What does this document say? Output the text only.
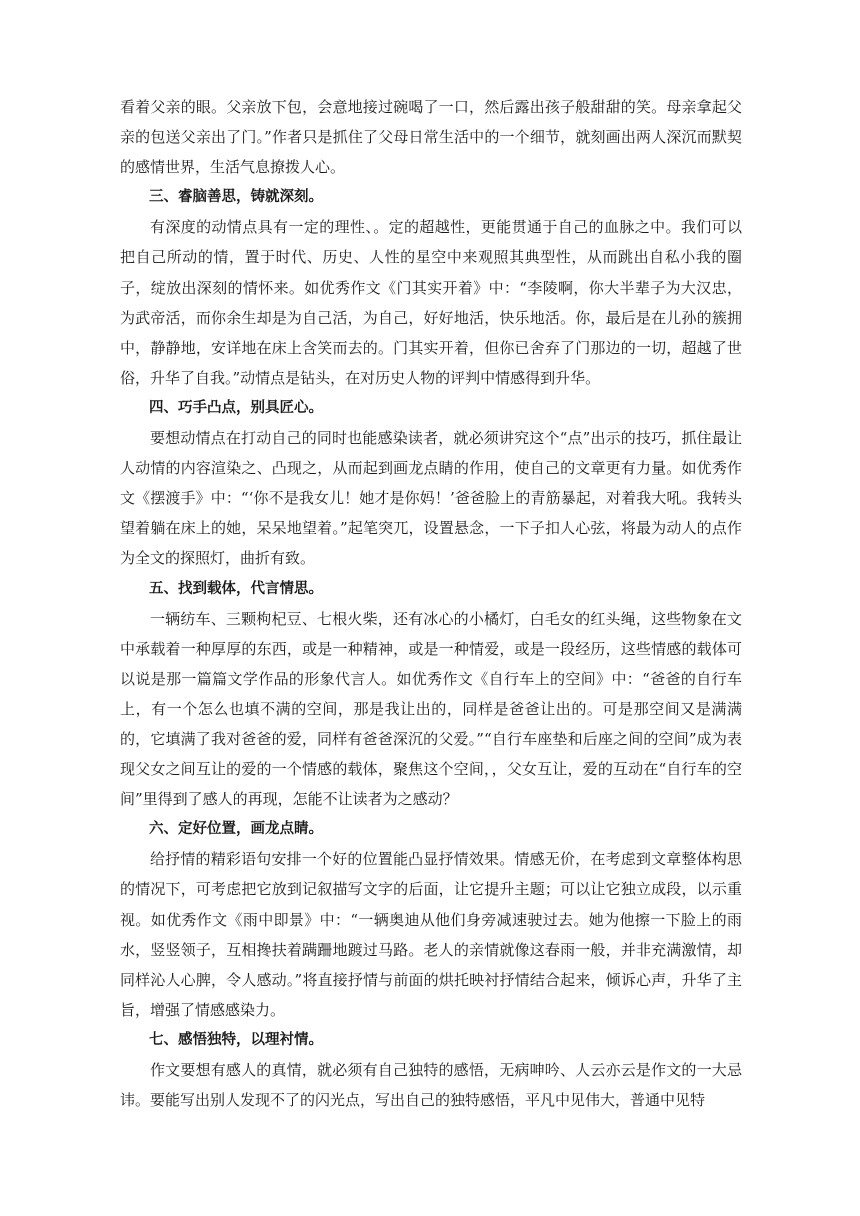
看着父亲的眼。父亲放下包，会意地接过碗喝了一口，然后露出孩子般甜甜的笑。母亲拿起父亲的包送父亲出了门。”作者只是抓住了父母日常生活中的一个细节，就刻画出两人深沉而默契的感情世界，生活气息撩拨人心。

三、睿脑善思，铸就深刻。

有深度的动情点具有一定的理性、。定的超越性，更能贯通于自己的血脉之中。我们可以把自己所动的情，置于时代、历史、人性的星空中来观照其典型性，从而跳出自私小我的圈子，绽放出深刻的情怀来。如优秀作文《门其实开着》中：“李陵啊，你大半辈子为大汉忠，为武帝活，而你余生却是为自己活，为自己，好好地活，快乐地活。你，最后是在儿孙的簇拥中，静静地，安详地在床上含笑而去的。门其实开着，但你已舍弃了门那边的一切，超越了世俗，升华了自我。”动情点是钻头，在对历史人物的评判中情感得到升华。

四、巧手凸点，别具匠心。

要想动情点在打动自己的同时也能感染读者，就必须讲究这个“点”出示的技巧，抓住最让人动情的内容渲染之、凸现之，从而起到画龙点睛的作用，使自己的文章更有力量。如优秀作文《摆渡手》中：“‘你不是我女儿！她才是你妈！’爸爸脸上的青筋暴起，对着我大吼。我转头望着躺在床上的她，呆呆地望着。”起笔突兀，设置悬念，一下子扣人心弦，将最为动人的点作为全文的探照灯，曲折有致。

五、找到载体，代言情思。

一辆纺车、三颗枸杞豆、七根火柴，还有冰心的小橘灯，白毛女的红头绳，这些物象在文中承载着一种厚厚的东西，或是一种精神，或是一种情爱，或是一段经历，这些情感的载体可以说是那一篇篇文学作品的形象代言人。如优秀作文《自行车上的空间》中：“爸爸的自行车上，有一个怎么也填不满的空间，那是我让出的，同样是爸爸让出的。可是那空间又是满满的，它填满了我对爸爸的爱，同样有爸爸深沉的父爱。”“自行车座垫和后座之间的空间”成为表现父女之间互让的爱的一个情感的载体，聚焦这个空间，，父女互让，爱的互动在“自行车的空间”里得到了感人的再现，怎能不让读者为之感动？

六、定好位置，画龙点睛。

给抒情的精彩语句安排一个好的位置能凸显抒情效果。情感无价，在考虑到文章整体构思的情况下，可考虑把它放到记叙描写文字的后面，让它提升主题；可以让它独立成段，以示重视。如优秀作文《雨中即景》中：“一辆奥迪从他们身旁减速驶过去。她为他擦一下脸上的雨水，竖竖领子，互相搀扶着蹒跚地踱过马路。老人的亲情就像这春雨一般，并非充满激情，却同样沁人心脾，令人感动。”将直接抒情与前面的烘托映衬抒情结合起来，倾诉心声，升华了主旨，增强了情感感染力。

七、感悟独特，以理衬情。

作文要想有感人的真情，就必须有自己独特的感悟，无病呻吟、人云亦云是作文的一大忌讳。要能写出别人发现不了的闪光点，写出自己的独特感悟，平凡中见伟大，普通中见特
